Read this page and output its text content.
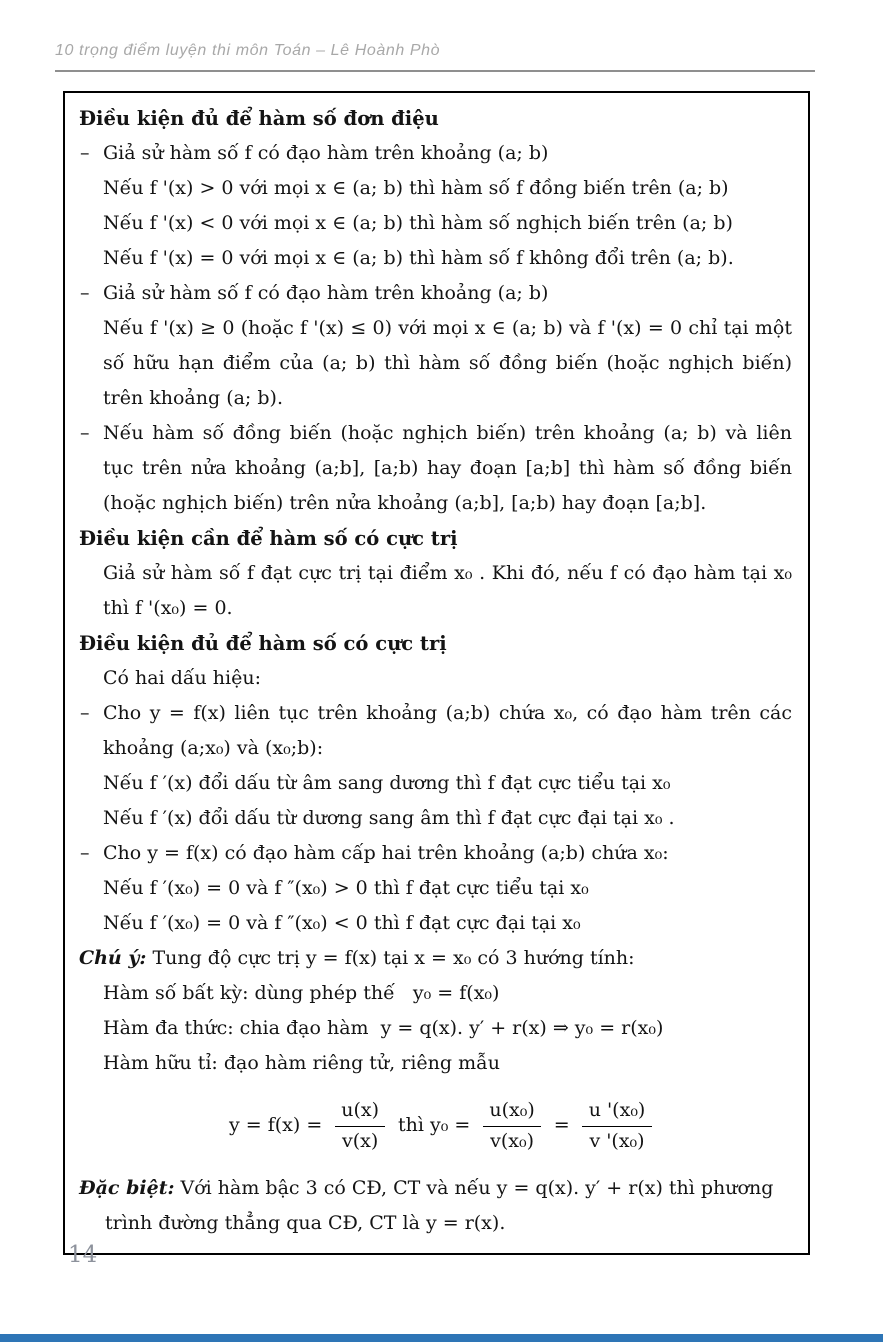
10 trọng điểm luyện thi môn Toán – Lê Hoành Phò
Điều kiện đủ để hàm số đơn điệu
– Giả sử hàm số f có đạo hàm trên khoảng (a; b)
Nếu f '(x) > 0 với mọi x ∈ (a; b) thì hàm số f đồng biến trên (a; b)
Nếu f '(x) < 0 với mọi x ∈ (a; b) thì hàm số nghịch biến trên (a; b)
Nếu f '(x) = 0 với mọi x ∈ (a; b) thì hàm số f không đổi trên (a; b).
– Giả sử hàm số f có đạo hàm trên khoảng (a; b)
Nếu f '(x) ≥ 0 (hoặc f '(x) ≤ 0) với mọi x ∈ (a; b) và f '(x) = 0 chỉ tại một số hữu hạn điểm của (a; b) thì hàm số đồng biến (hoặc nghịch biến) trên khoảng (a; b).
– Nếu hàm số đồng biến (hoặc nghịch biến) trên khoảng (a; b) và liên tục trên nửa khoảng (a;b], [a;b) hay đoạn [a;b] thì hàm số đồng biến (hoặc nghịch biến) trên nửa khoảng (a;b], [a;b) hay đoạn [a;b].
Điều kiện cần để hàm số có cực trị
Giả sử hàm số f đạt cực trị tại điểm x₀ . Khi đó, nếu f có đạo hàm tại x₀ thì f '(x₀) = 0.
Điều kiện đủ để hàm số có cực trị
Có hai dấu hiệu:
– Cho y = f(x) liên tục trên khoảng (a;b) chứa x₀, có đạo hàm trên các khoảng (a;x₀) và (x₀;b):
Nếu f ′(x) đổi dấu từ âm sang dương thì f đạt cực tiểu tại x₀
Nếu f ′(x) đổi dấu từ dương sang âm thì f đạt cực đại tại x₀ .
– Cho y = f(x) có đạo hàm cấp hai trên khoảng (a;b) chứa x₀:
Nếu f ′(x₀) = 0 và f ″(x₀) > 0 thì f đạt cực tiểu tại x₀
Nếu f ′(x₀) = 0 và f ″(x₀) < 0 thì f đạt cực đại tại x₀
Chú ý: Tung độ cực trị y = f(x) tại x = x₀ có 3 hướng tính:
Hàm số bất kỳ: dùng phép thế   y₀ = f(x₀)
Hàm đa thức: chia đạo hàm  y = q(x). y′ + r(x) ⇒ y₀ = r(x₀)
Hàm hữu tỉ: đạo hàm riêng tử, riêng mẫu
$y = f(x) = \frac{u(x)}{v(x)}$ thì $y_0 = \frac{\text{u(x₀)}}{\text{v(x₀)}} = \frac{\text{u '(x₀)}}{\text{v '(x₀)}}$
Đặc biệt: Với hàm bậc 3 có CĐ, CT và nếu y = q(x). y′ + r(x) thì phương trình đường thẳng qua CĐ, CT là y = r(x).
14
